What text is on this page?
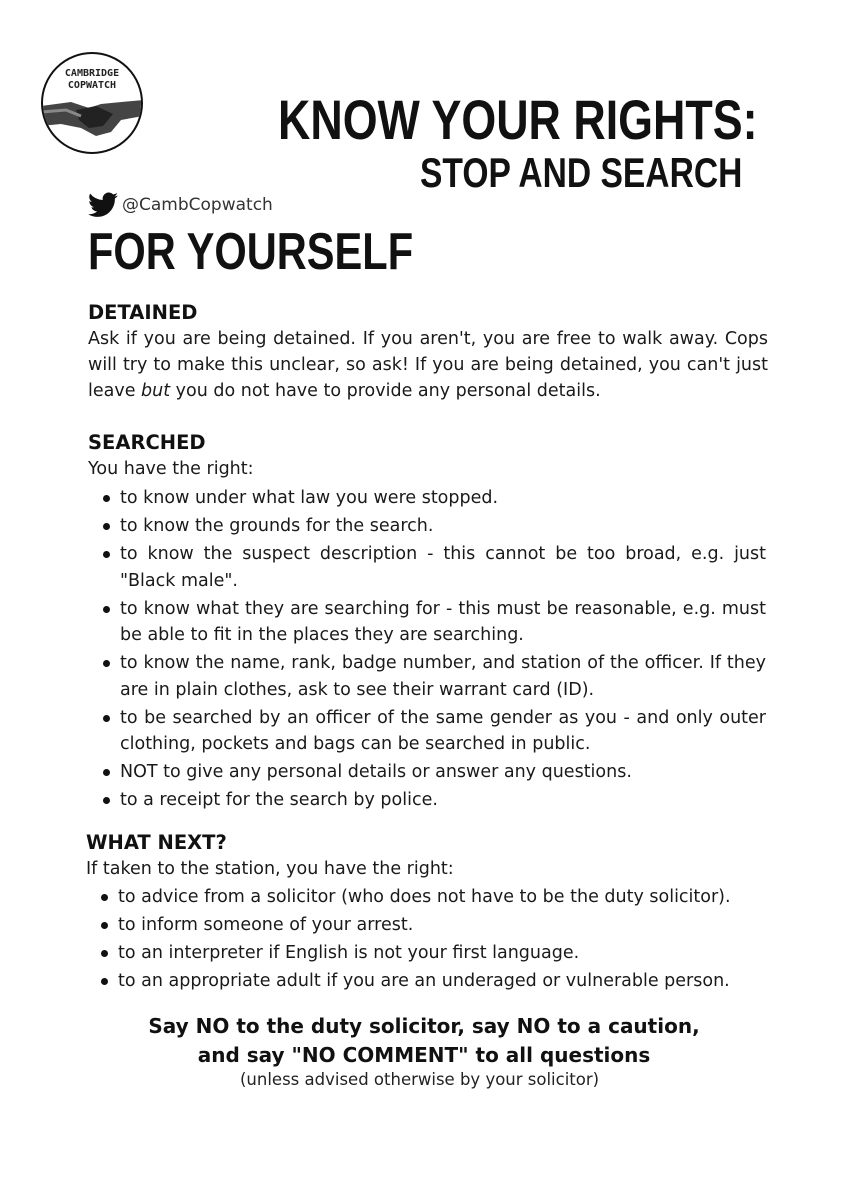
CAMBRIDGE
COPWATCH
KNOW YOUR RIGHTS:
STOP AND SEARCH
@CambCopwatch
FOR YOURSELF
DETAINED
Ask if you are being detained. If you aren't, you are free to walk away. Cops will try to make this unclear, so ask! If you are being detained, you can't just leave but you do not have to provide any personal details.
SEARCHED
You have the right:
to know under what law you were stopped.
to know the grounds for the search.
to know the suspect description - this cannot be too broad, e.g. just "Black male".
to know what they are searching for - this must be reasonable, e.g. must be able to fit in the places they are searching.
to know the name, rank, badge number, and station of the officer. If they are in plain clothes, ask to see their warrant card (ID).
to be searched by an officer of the same gender as you - and only outer clothing, pockets and bags can be searched in public.
NOT to give any personal details or answer any questions.
to a receipt for the search by police.
WHAT NEXT?
If taken to the station, you have the right:
to advice from a solicitor (who does not have to be the duty solicitor).
to inform someone of your arrest.
to an interpreter if English is not your first language.
to an appropriate adult if you are an underaged or vulnerable person.
Say NO to the duty solicitor, say NO to a caution,
and say "NO COMMENT" to all questions
(unless advised otherwise by your solicitor)
